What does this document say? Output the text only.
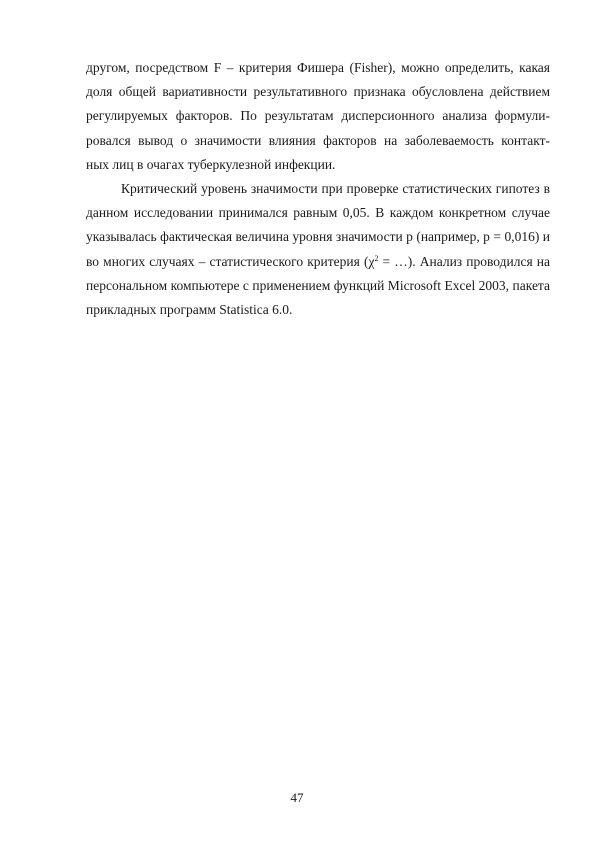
другом, посредством F – критерия Фишера (Fisher), можно определить, какая
доля общей вариативности результативного признака обусловлена действием
регулируемых факторов. По результатам дисперсионного анализа формули-
ровался вывод о значимости влияния факторов на заболеваемость контакт-
ных лиц в очагах туберкулезной инфекции.
Критический уровень значимости при проверке статистических гипотез в
данном исследовании принимался равным 0,05. В каждом конкретном случае
указывалась фактическая величина уровня значимости р (например, р = 0,016) и
во многих случаях – статистического критерия ($\chi^2$ = …). Анализ проводился на
персональном компьютере с применением функций Microsoft Excel 2003, пакета
прикладных программ Statistica 6.0.
47
